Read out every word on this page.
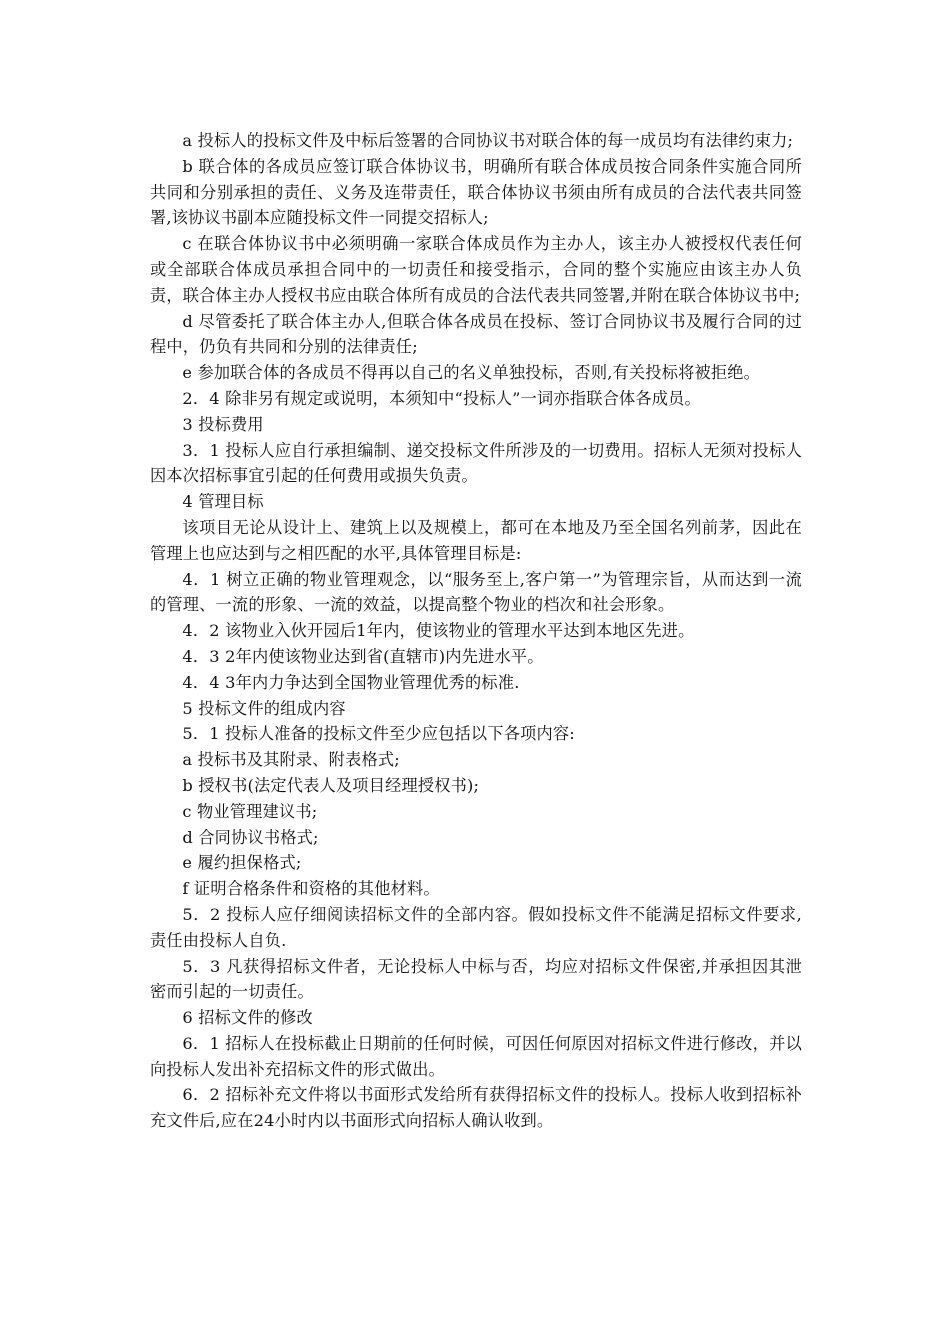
a 投标人的投标文件及中标后签署的合同协议书对联合体的每一成员均有法律约束力;

b 联合体的各成员应签订联合体协议书，明确所有联合体成员按合同条件实施合同所共同和分别承担的责任、义务及连带责任，联合体协议书须由所有成员的合法代表共同签署,该协议书副本应随投标文件一同提交招标人;

c 在联合体协议书中必须明确一家联合体成员作为主办人，该主办人被授权代表任何或全部联合体成员承担合同中的一切责任和接受指示，合同的整个实施应由该主办人负责，联合体主办人授权书应由联合体所有成员的合法代表共同签署,并附在联合体协议书中;

d 尽管委托了联合体主办人,但联合体各成员在投标、签订合同协议书及履行合同的过程中，仍负有共同和分别的法律责任;

e 参加联合体的各成员不得再以自己的名义单独投标，否则,有关投标将被拒绝。

2．4 除非另有规定或说明，本须知中“投标人”一词亦指联合体各成员。

3 投标费用

3．1 投标人应自行承担编制、递交投标文件所涉及的一切费用。招标人无须对投标人因本次招标事宜引起的任何费用或损失负责。

4 管理目标

该项目无论从设计上、建筑上以及规模上，都可在本地及乃至全国名列前茅，因此在管理上也应达到与之相匹配的水平,具体管理目标是:

4．1 树立正确的物业管理观念，以“服务至上,客户第一”为管理宗旨，从而达到一流的管理、一流的形象、一流的效益，以提高整个物业的档次和社会形象。

4．2 该物业入伙开园后1年内，使该物业的管理水平达到本地区先进。

4．3 2年内使该物业达到省(直辖市)内先进水平。

4．4 3年内力争达到全国物业管理优秀的标准.

5 投标文件的组成内容

5．1 投标人准备的投标文件至少应包括以下各项内容:

a 投标书及其附录、附表格式;

b 授权书(法定代表人及项目经理授权书);

c 物业管理建议书;

d 合同协议书格式;

e 履约担保格式;

f 证明合格条件和资格的其他材料。

5．2 投标人应仔细阅读招标文件的全部内容。假如投标文件不能满足招标文件要求,责任由投标人自负.

5．3 凡获得招标文件者，无论投标人中标与否，均应对招标文件保密,并承担因其泄密而引起的一切责任。

6 招标文件的修改

6．1 招标人在投标截止日期前的任何时候，可因任何原因对招标文件进行修改，并以向投标人发出补充招标文件的形式做出。

6．2 招标补充文件将以书面形式发给所有获得招标文件的投标人。投标人收到招标补充文件后,应在24小时内以书面形式向招标人确认收到。
